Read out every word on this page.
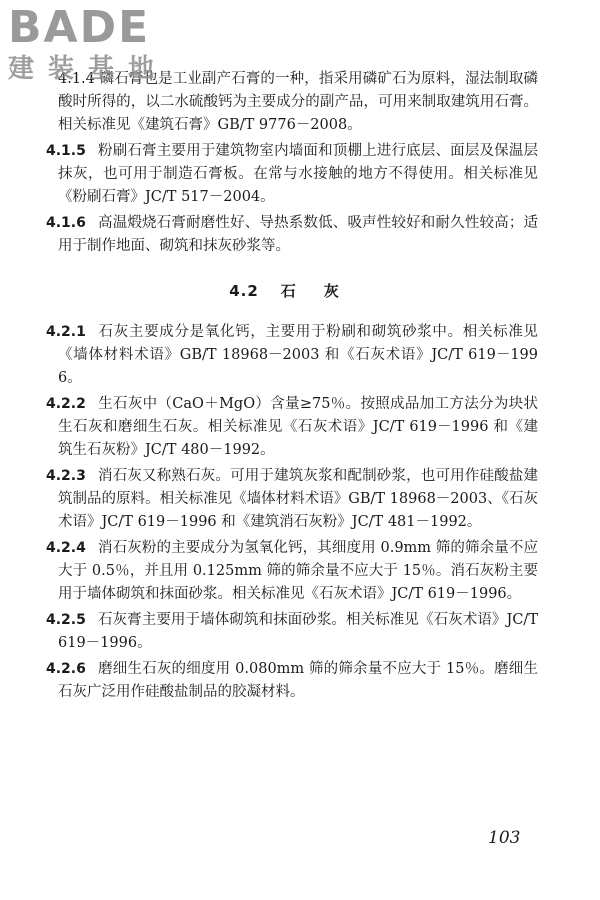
BADE
建装基地

4.1.4 磷石膏也是工业副产石膏的一种，指采用磷矿石为原料，湿法制取磷酸时所得的，以二水硫酸钙为主要成分的副产品，可用来制取建筑用石膏。相关标准见《建筑石膏》GB/T 9776－2008。

4.1.5 粉刷石膏主要用于建筑物室内墙面和顶棚上进行底层、面层及保温层抹灰，也可用于制造石膏板。在常与水接触的地方不得使用。相关标准见《粉刷石膏》JC/T 517－2004。

4.1.6 高温煅烧石膏耐磨性好、导热系数低、吸声性较好和耐久性较高；适用于制作地面、砌筑和抹灰砂浆等。

4.2 石灰

4.2.1 石灰主要成分是氧化钙，主要用于粉刷和砌筑砂浆中。相关标准见《墙体材料术语》GB/T 18968－2003 和《石灰术语》JC/T 619－1996。

4.2.2 生石灰中（CaO＋MgO）含量≥75％。按照成品加工方法分为块状生石灰和磨细生石灰。相关标准见《石灰术语》JC/T 619－1996 和《建筑生石灰粉》JC/T 480－1992。

4.2.3 消石灰又称熟石灰。可用于建筑灰浆和配制砂浆，也可用作硅酸盐建筑制品的原料。相关标准见《墙体材料术语》GB/T 18968－2003、《石灰术语》JC/T 619－1996 和《建筑消石灰粉》JC/T 481－1992。

4.2.4 消石灰粉的主要成分为氢氧化钙，其细度用 0.9mm 筛的筛余量不应大于 0.5％，并且用 0.125mm 筛的筛余量不应大于 15％。消石灰粉主要用于墙体砌筑和抹面砂浆。相关标准见《石灰术语》JC/T 619－1996。

4.2.5 石灰膏主要用于墙体砌筑和抹面砂浆。相关标准见《石灰术语》JC/T 619－1996。

4.2.6 磨细生石灰的细度用 0.080mm 筛的筛余量不应大于 15％。磨细生石灰广泛用作硅酸盐制品的胶凝材料。

103
